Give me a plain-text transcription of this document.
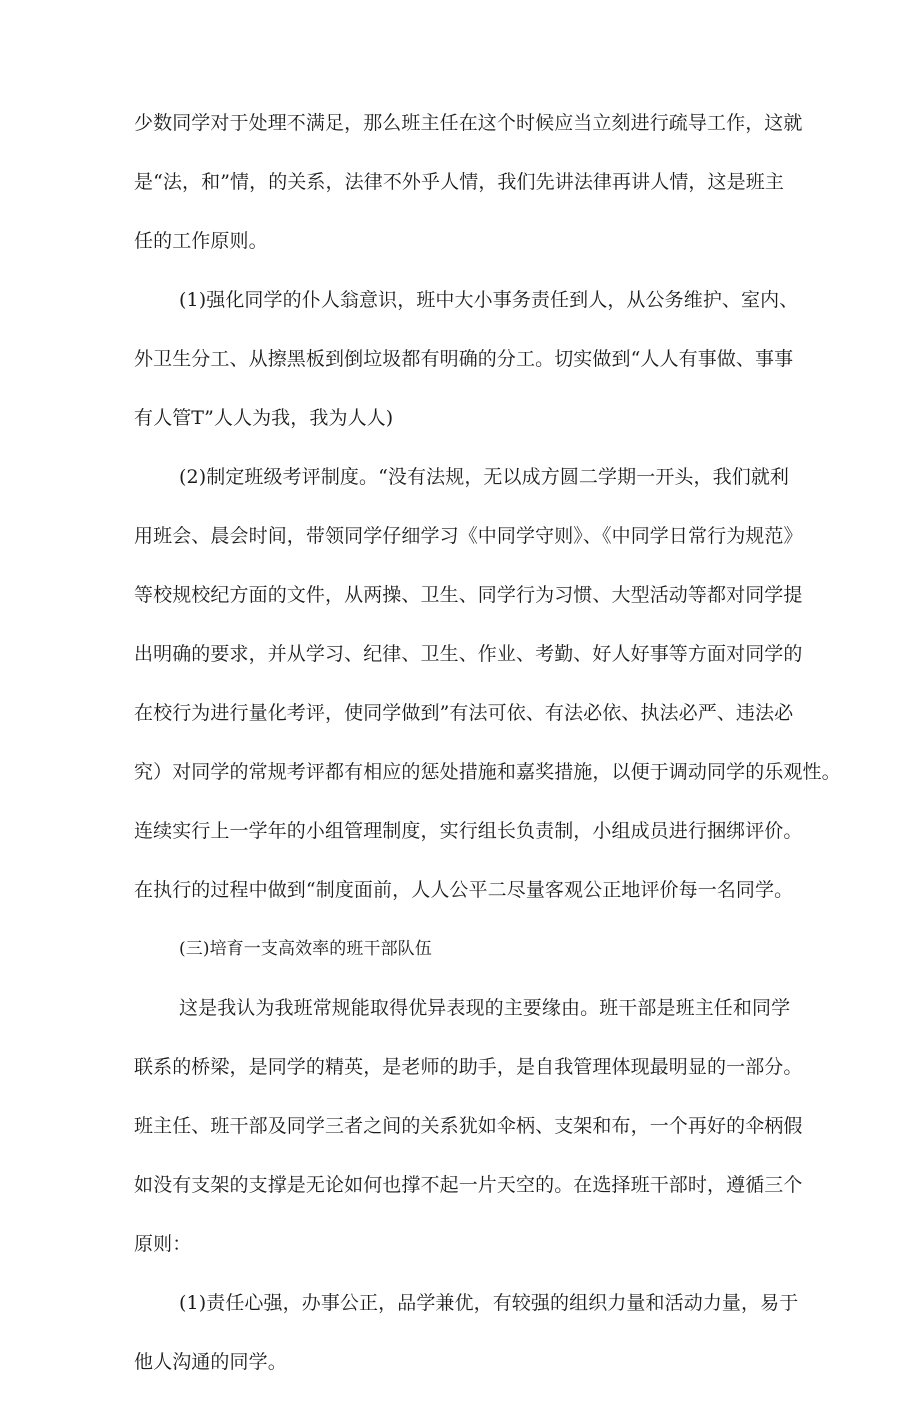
少数同学对于处理不满足，那么班主任在这个时候应当立刻进行疏导工作，这就
是“法，和”情，的关系，法律不外乎人情，我们先讲法律再讲人情，这是班主
任的工作原则。
(1)强化同学的仆人翁意识，班中大小事务责任到人，从公务维护、室内、
外卫生分工、从擦黑板到倒垃圾都有明确的分工。切实做到“人人有事做、事事
有人管T”人人为我，我为人人)
(2)制定班级考评制度。“没有法规，无以成方圆二学期一开头，我们就利
用班会、晨会时间，带领同学仔细学习《中同学守则》、《中同学日常行为规范》
等校规校纪方面的文件，从两操、卫生、同学行为习惯、大型活动等都对同学提
出明确的要求，并从学习、纪律、卫生、作业、考勤、好人好事等方面对同学的
在校行为进行量化考评，使同学做到”有法可依、有法必依、执法必严、违法必
究）对同学的常规考评都有相应的惩处措施和嘉奖措施，以便于调动同学的乐观性。
连续实行上一学年的小组管理制度，实行组长负责制，小组成员进行捆绑评价。
在执行的过程中做到“制度面前，人人公平二尽量客观公正地评价每一名同学。
(三)培育一支高效率的班干部队伍
这是我认为我班常规能取得优异表现的主要缘由。班干部是班主任和同学
联系的桥梁，是同学的精英，是老师的助手，是自我管理体现最明显的一部分。
班主任、班干部及同学三者之间的关系犹如伞柄、支架和布，一个再好的伞柄假
如没有支架的支撑是无论如何也撑不起一片天空的。在选择班干部时，遵循三个
原则：
(1)责任心强，办事公正，品学兼优，有较强的组织力量和活动力量，易于
他人沟通的同学。
